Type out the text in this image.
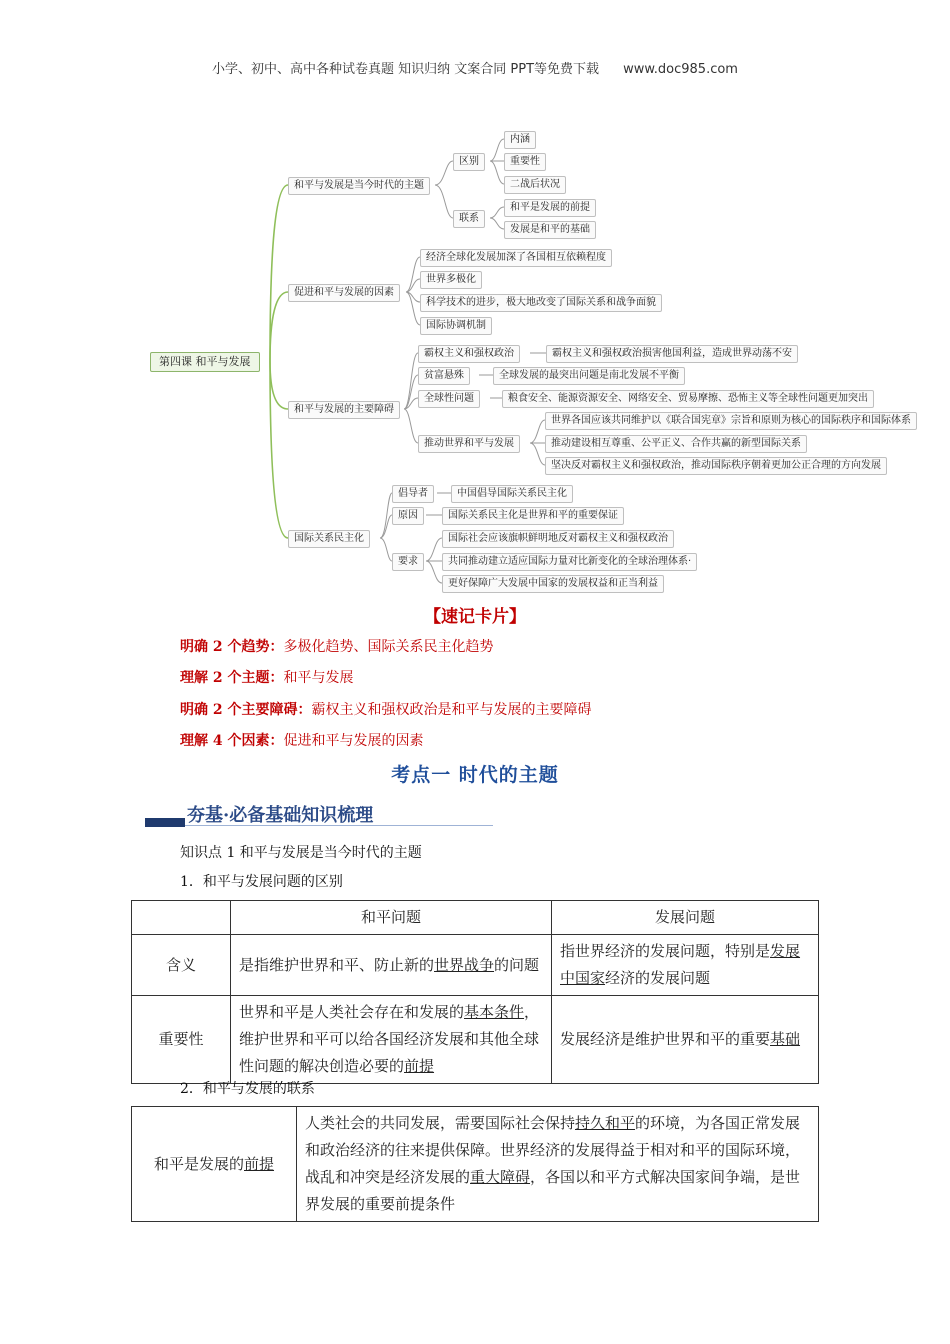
小学、初中、高中各种试卷真题 知识归纳 文案合同 PPT等免费下载 www.doc985.com
第四课 和平与发展
和平与发展是当今时代的主题
区别
内涵
重要性
二战后状况
联系
和平是发展的前提
发展是和平的基础
促进和平与发展的因素
经济全球化发展加深了各国相互依赖程度
世界多极化
科学技术的进步，极大地改变了国际关系和战争面貌
国际协调机制
和平与发展的主要障碍
霸权主义和强权政治	霸权主义和强权政治损害他国利益，造成世界动荡不安
贫富悬殊	全球发展的最突出问题是南北发展不平衡
全球性问题	粮食安全、能源资源安全、网络安全、贸易摩擦、恐怖主义等全球性问题更加突出
推动世界和平与发展
世界各国应该共同维护以《联合国宪章》宗旨和原则为核心的国际秩序和国际体系
推动建设相互尊重、公平正义、合作共赢的新型国际关系
坚决反对霸权主义和强权政治，推动国际秩序朝着更加公正合理的方向发展
国际关系民主化
倡导者	中国倡导国际关系民主化
原因	国际关系民主化是世界和平的重要保证
要求
国际社会应该旗帜鲜明地反对霸权主义和强权政治
共同推动建立适应国际力量对比新变化的全球治理体系·
更好保障广大发展中国家的发展权益和正当利益
【速记卡片】
明确 2 个趋势：多极化趋势、国际关系民主化趋势
理解 2 个主题：和平与发展
明确 2 个主要障碍：霸权主义和强权政治是和平与发展的主要障碍
理解 4 个因素：促进和平与发展的因素
考点一 时代的主题
夯基·必备基础知识梳理
知识点 1 和平与发展是当今时代的主题
1．和平与发展问题的区别
	和平问题	发展问题
含义	是指维护世界和平、防止新的世界战争的问题	指世界经济的发展问题，特别是发展中国家经济的发展问题
重要性	世界和平是人类社会存在和发展的基本条件，维护世界和平可以给各国经济发展和其他全球性问题的解决创造必要的前提	发展经济是维护世界和平的重要基础
2．和平与发展的联系
和平是发展的前提	人类社会的共同发展，需要国际社会保持持久和平的环境，为各国正常发展和政治经济的往来提供保障。世界经济的发展得益于相对和平的国际环境，战乱和冲突是经济发展的重大障碍，各国以和平方式解决国家间争端，是世界发展的重要前提条件
